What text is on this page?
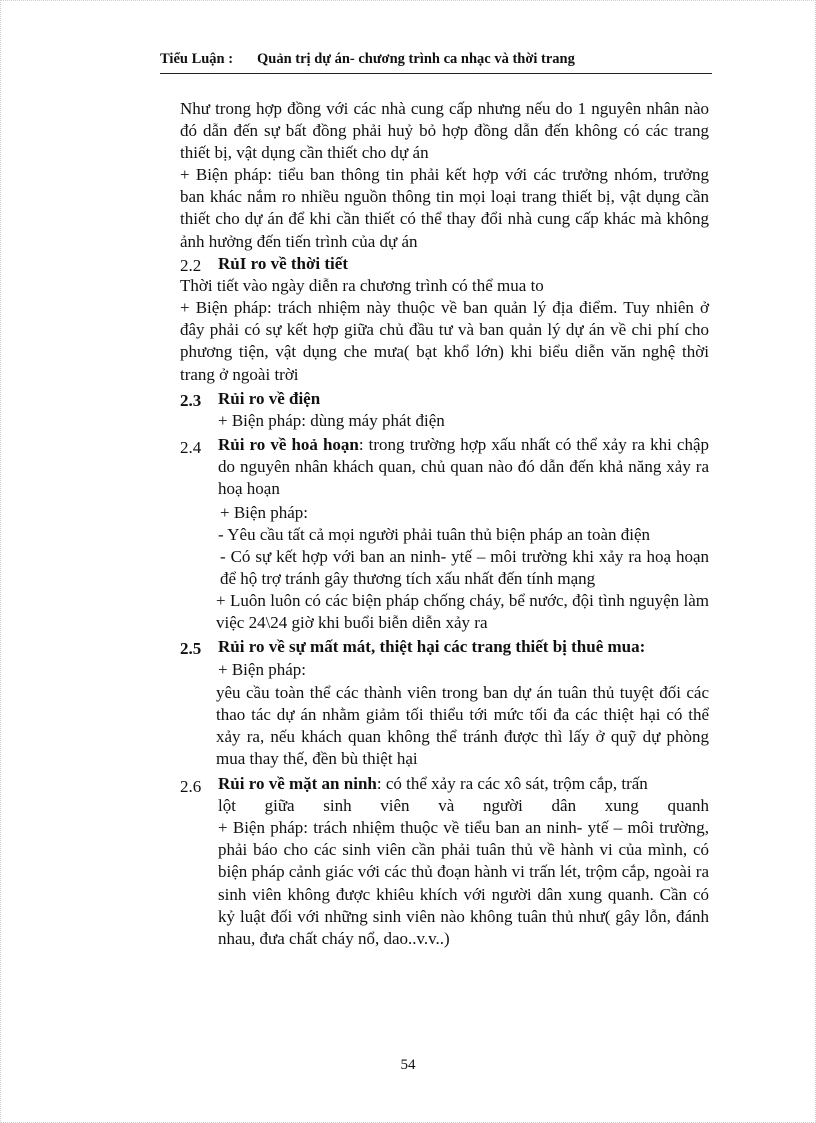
Tiểu Luận : Quản trị dự án- chương trình ca nhạc và thời trang

Như trong hợp đồng với các nhà cung cấp nhưng nếu do 1 nguyên nhân nào đó dẫn đến sự bất đồng phải huỷ bỏ hợp đồng dẫn đến không có các trang thiết bị, vật dụng cần thiết cho dự án

+ Biện pháp: tiểu ban thông tin phải kết hợp với các trưởng nhóm, trưởng ban khác nắm ro nhiều nguồn thông tin mọi loại trang thiết bị, vật dụng cần thiết cho dự án để khi cần thiết có thể thay đổi nhà cung cấp khác mà không ảnh hưởng đến tiến trình của dự án

2.2 RủI ro về thời tiết

Thời tiết vào ngày diễn ra chương trình có thể mua to

+ Biện pháp: trách nhiệm này thuộc về ban quản lý địa điểm. Tuy nhiên ở đây phải có sự kết hợp giữa chủ đầu tư và ban quản lý dự án về chi phí cho phương tiện, vật dụng che mưa( bạt khổ lớn) khi biểu diễn văn nghệ thời trang ở ngoài trời

2.3 Rủi ro về điện

+ Biện pháp: dùng máy phát điện

2.4 Rủi ro về hoả hoạn: trong trường hợp xấu nhất có thể xảy ra khi chập do nguyên nhân khách quan, chủ quan nào đó dẫn đến khả năng xảy ra hoạ hoạn

+ Biện pháp:

- Yêu cầu tất cả mọi người phải tuân thủ biện pháp an toàn điện

- Có sự kết hợp với ban an ninh- ytế – môi trường khi xảy ra hoạ hoạn để hộ trợ tránh gây thương tích xấu nhất đến tính mạng

+ Luôn luôn có các biện pháp chống cháy, bể nước, đội tình nguyện làm việc 24\24 giờ khi buổi biễn diễn xảy ra

2.5 Rủi ro về sự mất mát, thiệt hại các trang thiết bị thuê mua:

+ Biện pháp:

yêu cầu toàn thể các thành viên trong ban dự án tuân thủ tuyệt đối các thao tác dự án nhằm giảm tối thiểu tới mức tối đa các thiệt hại có thể xảy ra, nếu khách quan không thể tránh được thì lấy ở quỹ dự phòng mua thay thế, đền bù thiệt hại

2.6 Rủi ro về mặt an ninh: có thể xảy ra các xô sát, trộm cắp, trấn

lột giữa sinh viên và người dân xung quanh

+ Biện pháp: trách nhiệm thuộc về tiểu ban an ninh- ytế – môi trường, phải báo cho các sinh viên cần phải tuân thủ về hành vi của mình, có biện pháp cảnh giác với các thủ đoạn hành vi trấn lét, trộm cắp, ngoài ra sinh viên không được khiêu khích với người dân xung quanh. Cần có kỷ luật đối với những sinh viên nào không tuân thủ như( gây lỗn, đánh nhau, đưa chất cháy nổ, dao..v.v..)

54
